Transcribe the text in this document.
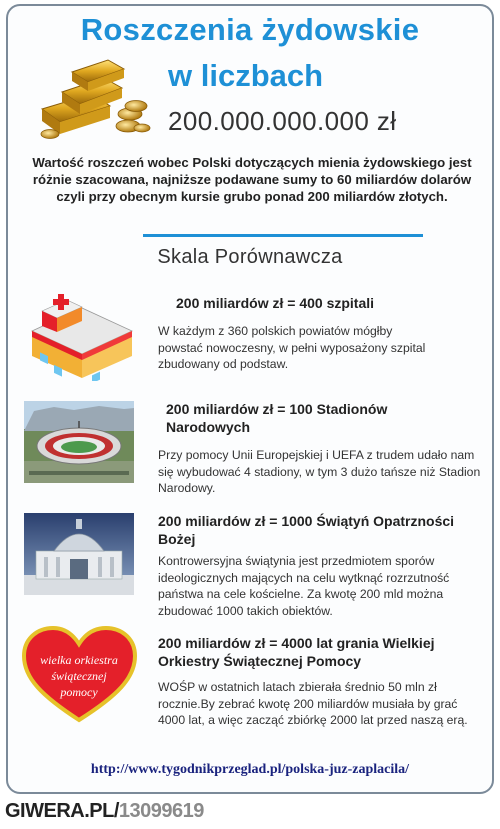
Roszczenia żydowskie
w liczbach
200.000.000.000 zł
Wartość roszczeń wobec Polski dotyczących mienia żydowskiego jest różnie szacowana, najniższe podawane sumy to 60 miliardów dolarów czyli przy obecnym kursie grubo ponad 200 miliardów złotych.
Skala Porównawcza
200 miliardów zł = 400 szpitali
W każdym z 360 polskich powiatów mógłby powstać nowoczesny, w pełni wyposażony szpital zbudowany od podstaw.
200 miliardów zł = 100 Stadionów Narodowych
Przy pomocy Unii Europejskiej i UEFA z trudem udało nam się wybudować 4 stadiony, w tym 3 dużo tańsze niż Stadion Narodowy.
200 miliardów zł = 1000 Świątyń Opatrzności Bożej
Kontrowersyjna świątynia jest przedmiotem sporów ideologicznych mających na celu wytknąć rozrzutność państwa na cele kościelne. Za kwotę 200 mld można zbudować 1000 takich obiektów.
wielka orkiestra
świątecznej
pomocy
200 miliardów zł = 4000 lat grania Wielkiej Orkiestry Świątecznej Pomocy
WOŚP w ostatnich latach zbierała średnio 50 mln zł rocznie.By zebrać kwotę 200 miliardów musiała by grać 4000 lat, a więc zacząć zbiórkę 2000 lat przed naszą erą.
http://www.tygodnikprzeglad.pl/polska-juz-zaplacila/
GIWERA.PL/13099619
